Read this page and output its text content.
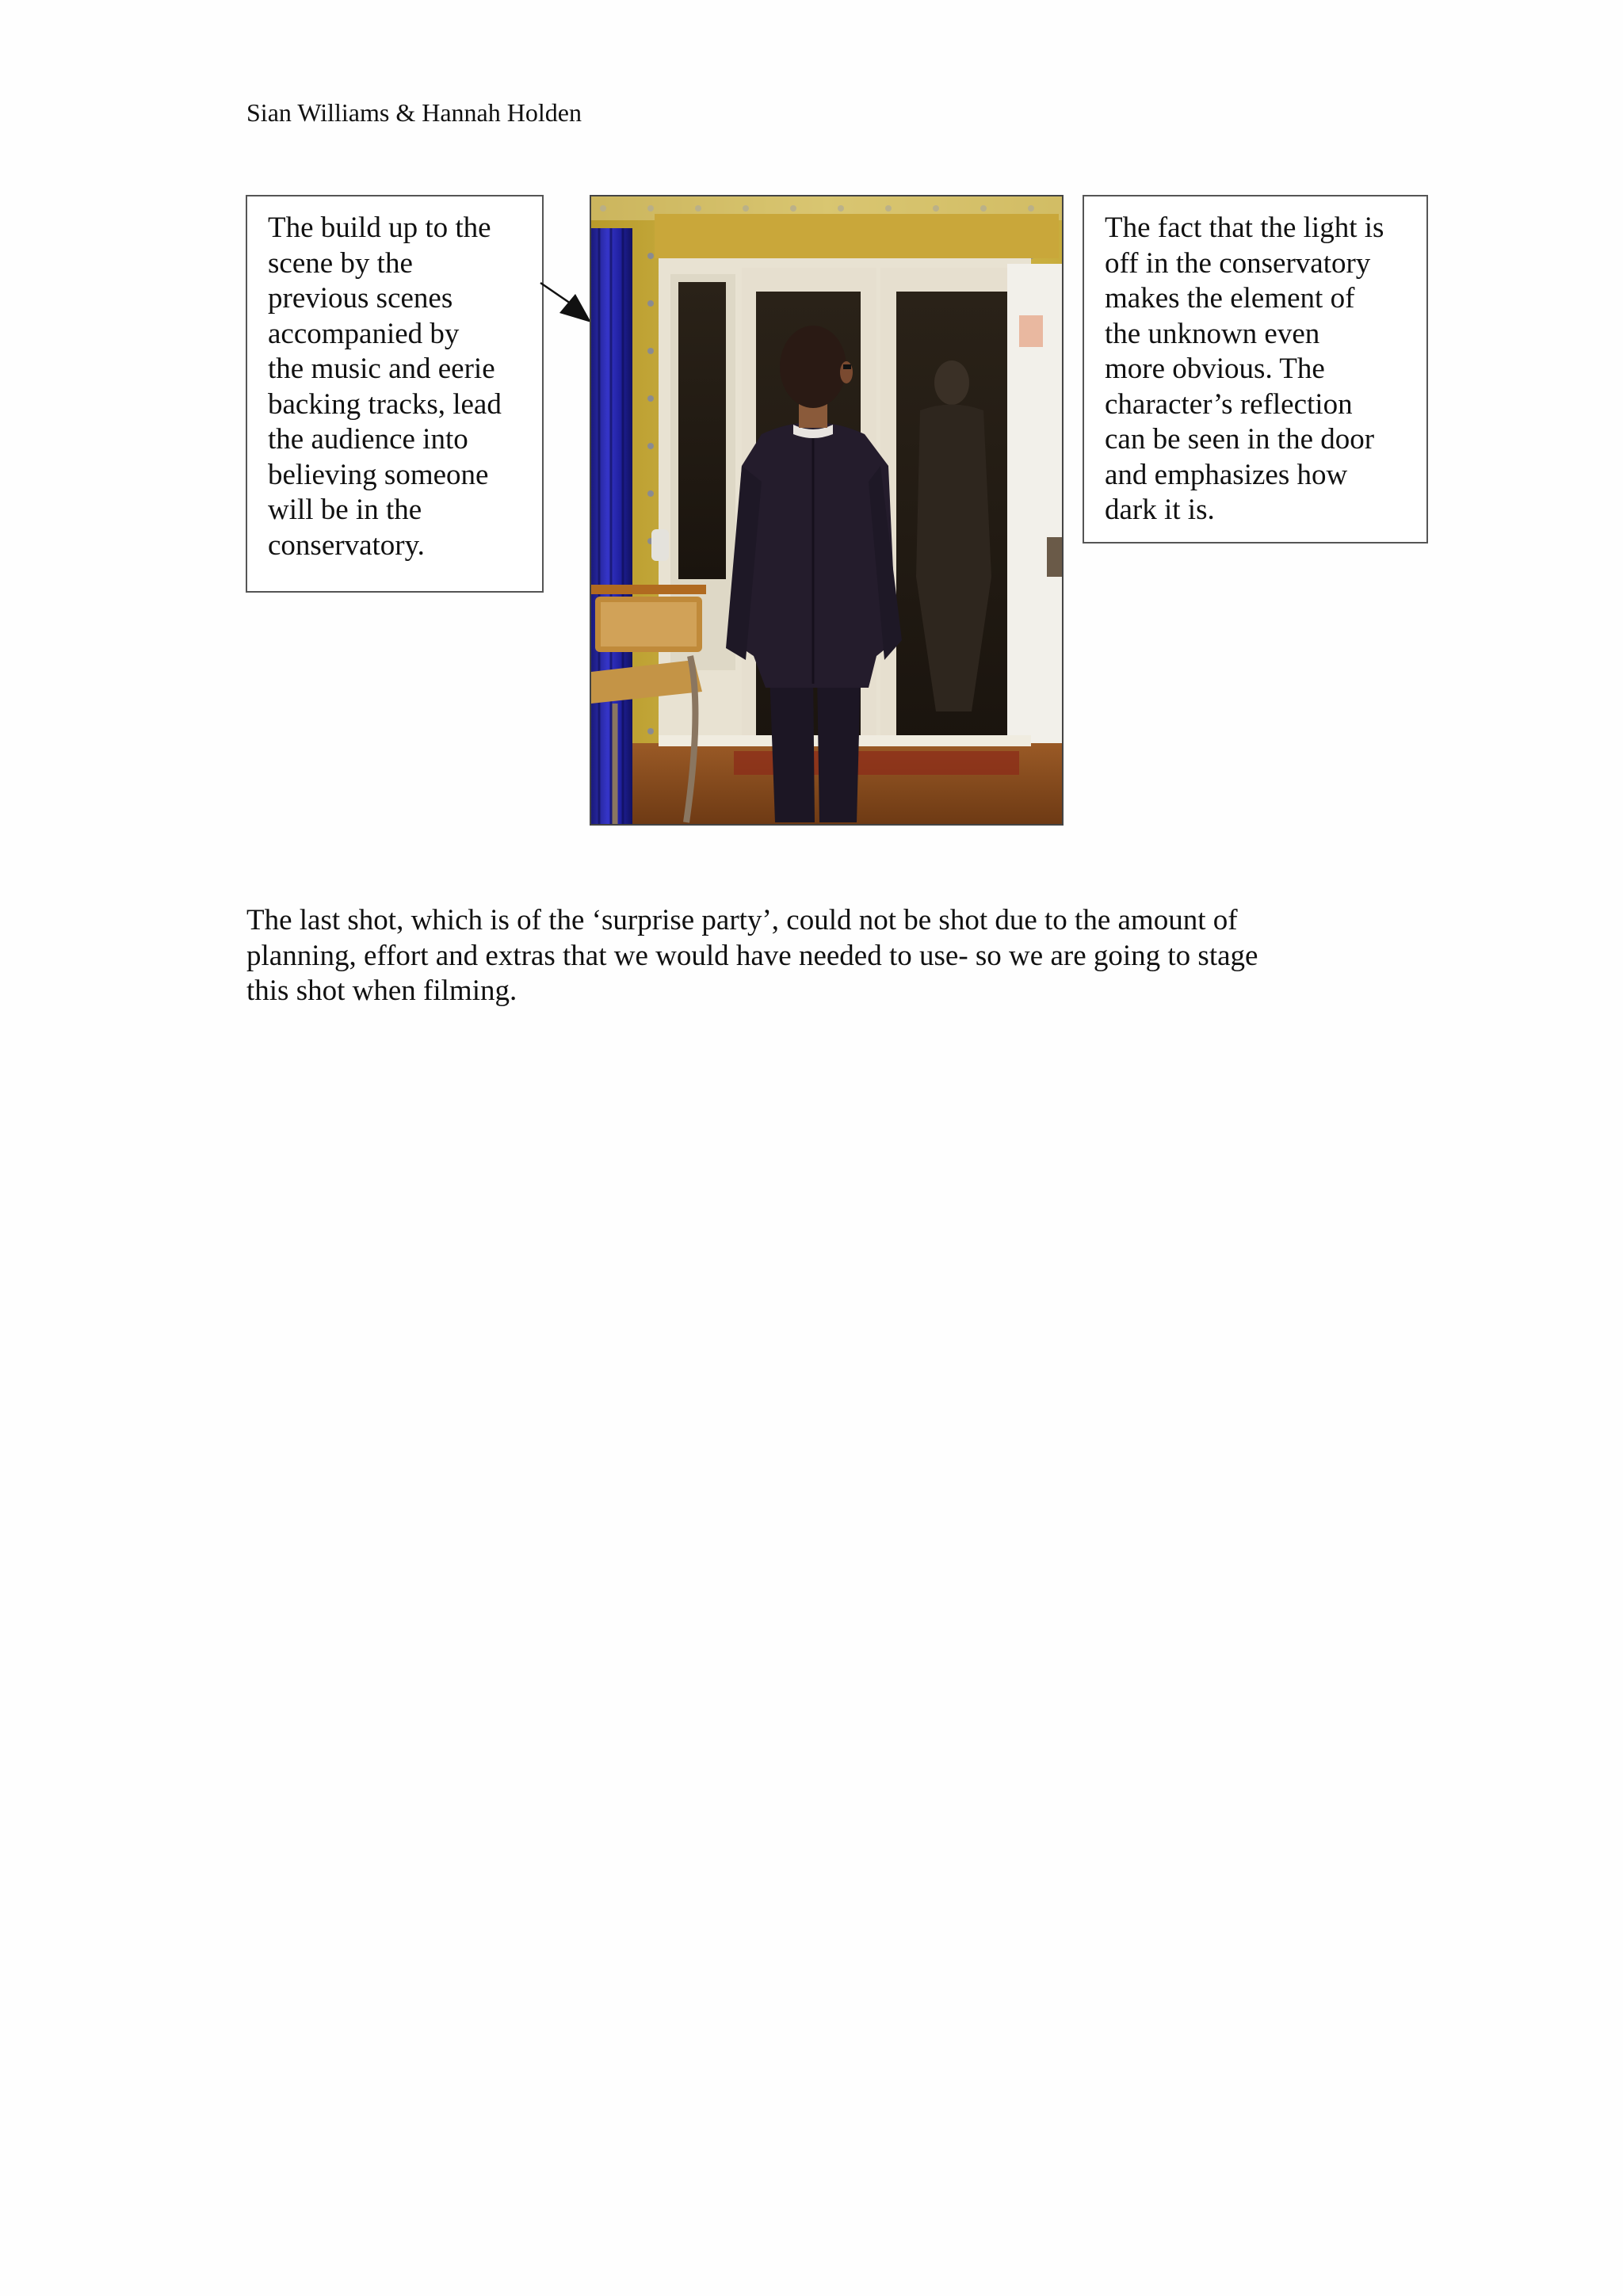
Sian Williams & Hannah Holden
The build up to the
scene by the
previous scenes
accompanied by
the music and eerie
backing tracks, lead
the audience into
believing someone
will be in the
conservatory.
The fact that the light is
off in the conservatory
makes the element of
the unknown even
more obvious. The
character’s reflection
can be seen in the door
and emphasizes how
dark it is.
The last shot, which is of the ‘surprise party’, could not be shot due to the amount of
planning, effort and extras that we would have needed to use- so we are going to stage
this shot when filming.
